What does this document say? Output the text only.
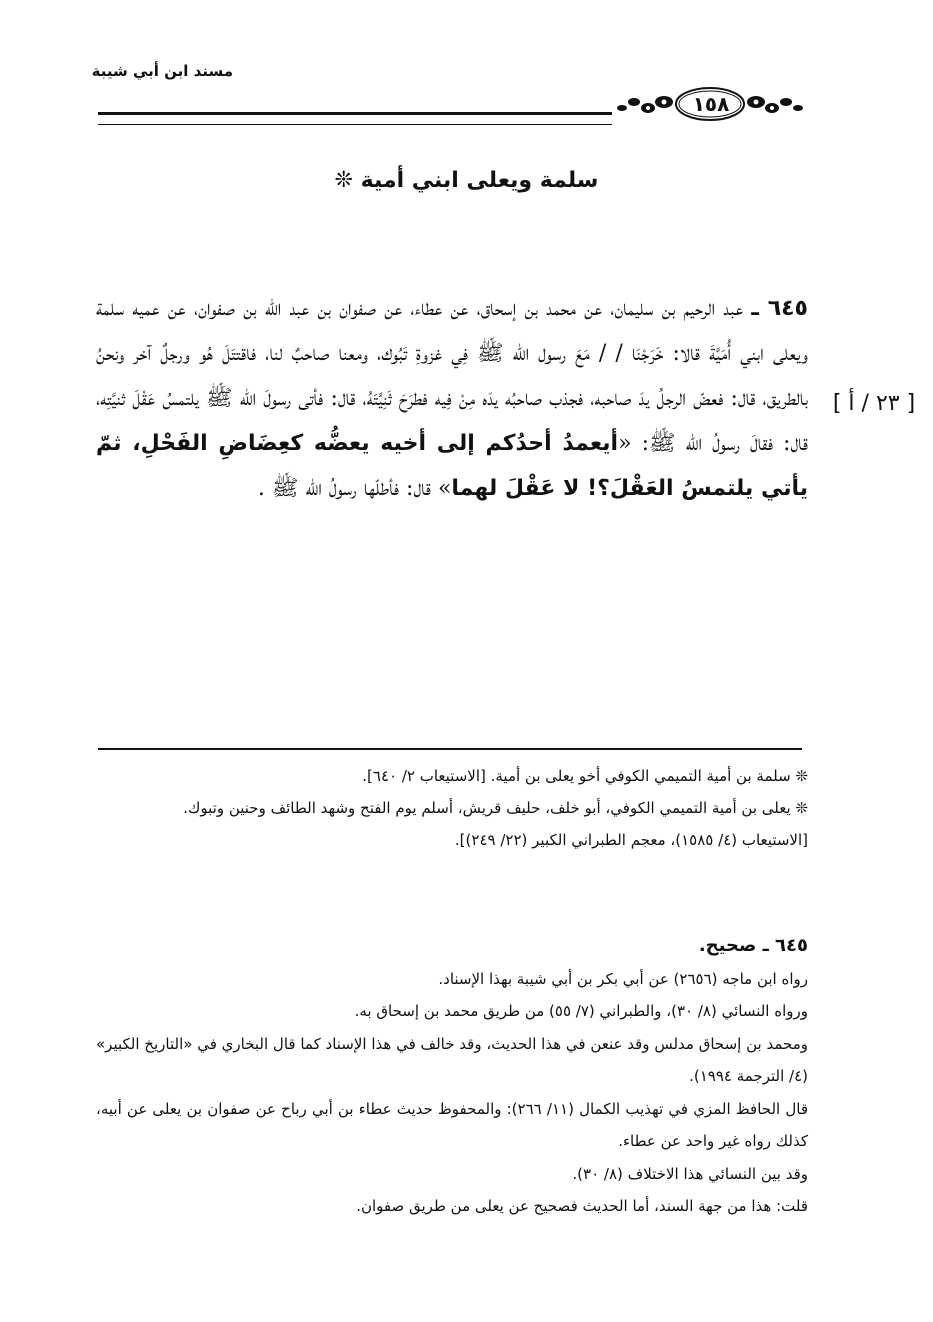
مسند ابن أبي شيبة
١٥٨
سلمة ويعلى ابني أمية ❊
[ ٢٣ / أ ]

٦٤٥ ـ عبد الرحيم بن سليمان، عن محمد بن إسحاق، عن عطاء، عن صفوان بن عبد الله بن صفوان، عن عميه سلمة ويعلى ابني أُمَيَّةَ قالا: خَرَجْنَا / / مَعَ رسول الله ﷺ فِي غزوةِ تَبُوك، ومعنا صاحبٌ لنا، فاقتتَلَ هُو ورجلٌ آخر ونحنُ بالطريق، قال: فعضّ الرجلُ يدَ صاحبه، فجذب صاحبُه يدَه مِنْ فِيه فطرَحَ ثَنِيَّتَهُ، قال: فأتى رسولَ الله ﷺ يلتمسُ عَقْلَ ثنيَّتِه، قال: فقالَ رسولُ الله ﷺ: «أيعمدُ أحدُكم إلى أخيه يعضُّه كعِضَاضِ الفَحْلِ، ثمّ يأتي يلتمسُ العَقْلَ؟! لا عَقْلَ لهما» قال: فأطلّها رسولُ الله ﷺ .

❊ سلمة بن أمية التميمي الكوفي أخو يعلى بن أمية. [الاستيعاب ٢/ ٦٤٠].

❊ يعلى بن أمية التميمي الكوفي، أبو خلف، حليف قريش، أسلم يوم الفتح وشهد الطائف وحنين وتبوك.

[الاستيعاب (٤/ ١٥٨٥)، معجم الطبراني الكبير (٢٢/ ٢٤٩)].

٦٤٥ ـ صحيح.

رواه ابن ماجه (٢٦٥٦) عن أبي بكر بن أبي شيبة بهذا الإسناد.

ورواه النسائي (٨/ ٣٠)، والطبراني (٧/ ٥٥) من طريق محمد بن إسحاق به.

ومحمد بن إسحاق مدلس وقد عنعن في هذا الحديث، وقد خالف في هذا الإسناد كما قال البخاري في «التاريخ الكبير» (٤/ الترجمة ١٩٩٤).

قال الحافظ المزي في تهذيب الكمال (١١/ ٢٦٦): والمحفوظ حديث عطاء بن أبي رباح عن صفوان بن يعلى عن أبيه، كذلك رواه غير واحد عن عطاء.

وقد بين النسائي هذا الاختلاف (٨/ ٣٠).

قلت: هذا من جهة السند، أما الحديث فصحيح عن يعلى من طريق صفوان.
